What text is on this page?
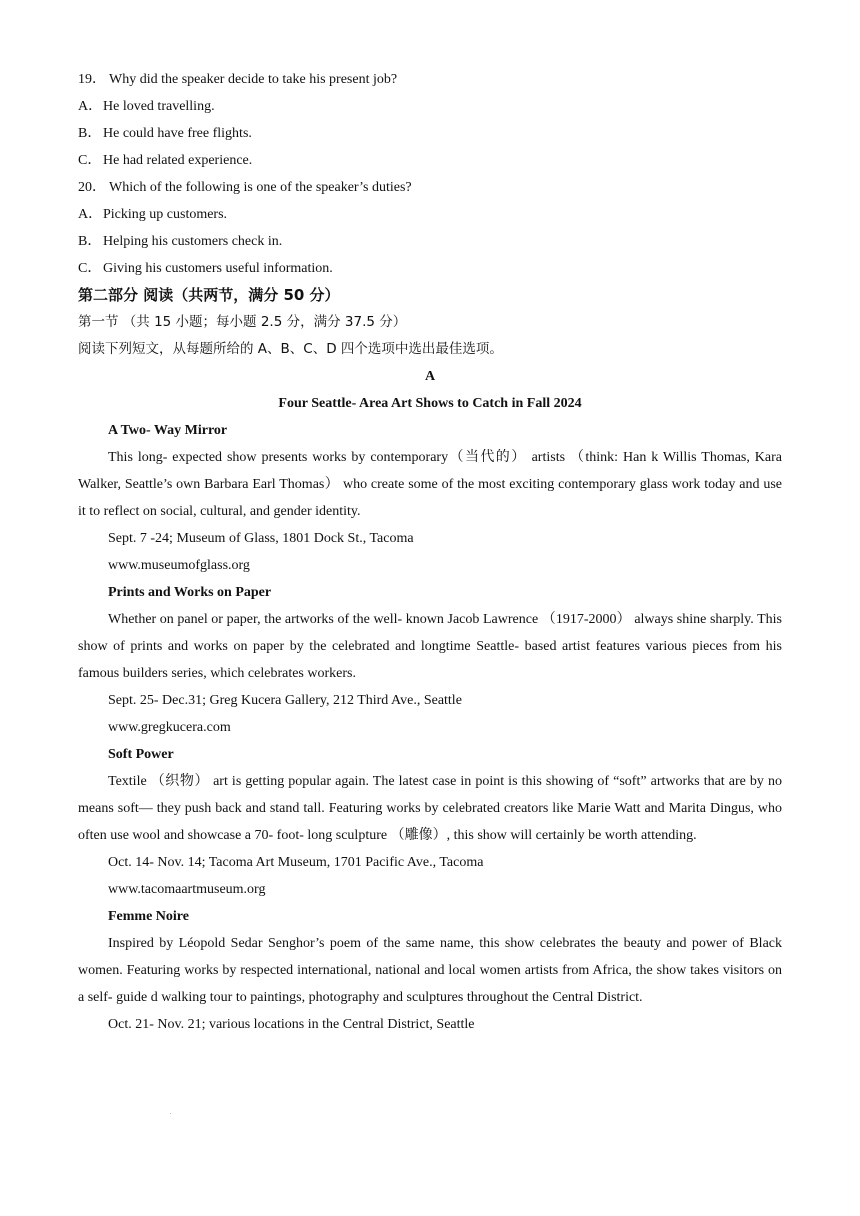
19． Why did the speaker decide to take his present job?
A．He loved travelling.
B． He could have free flights.
C． He had related experience.
20． Which of the following is one of the speaker’s duties?
A．Picking up customers.
B． Helping his customers check in.
C． Giving his customers useful information.
第二部分 阅读（共两节，满分 50 分）
第一节 （共 15 小题；每小题 2.5 分，满分 37.5 分）
阅读下列短文，从每题所给的 A、B、C、D 四个选项中选出最佳选项。
A
Four Seattle- Area Art Shows to Catch in Fall 2024
A Two- Way Mirror
This long- expected show presents works by contemporary（当代的） artists （think: Han k Willis Thomas, Kara Walker, Seattle’s own Barbara Earl Thomas） who create some of the most exciting contemporary glass work today and use it to reflect on social, cultural, and gender identity.
Sept. 7 -24; Museum of Glass, 1801 Dock St., Tacoma
www.museumofglass.org
Prints and Works on Paper
Whether on panel or paper, the artworks of the well- known Jacob Lawrence （1917-2000） always shine sharply. This show of prints and works on paper by the celebrated and longtime Seattle- based artist features various pieces from his famous builders series, which celebrates workers.
Sept. 25- Dec.31; Greg Kucera Gallery, 212 Third Ave., Seattle
www.gregkucera.com
Soft Power
Textile （织物） art is getting popular again. The latest case in point is this showing of “soft” artworks that are by no means soft— they push back and stand tall. Featuring works by celebrated creators like Marie Watt and Marita Dingus, who often use wool and showcase a 70- foot- long sculpture （雕像）, this show will certainly be worth attending.
Oct. 14- Nov. 14; Tacoma Art Museum, 1701 Pacific Ave., Tacoma
www.tacomaartmuseum.org
Femme Noire
Inspired by Léopold Sedar Senghor’s poem of the same name, this show celebrates the beauty and power of Black women. Featuring works by respected international, national and local women artists from Africa, the show takes visitors on a self- guide d walking tour to paintings, photography and sculptures throughout the Central District.
Oct. 21- Nov. 21; various locations in the Central District, Seattle
